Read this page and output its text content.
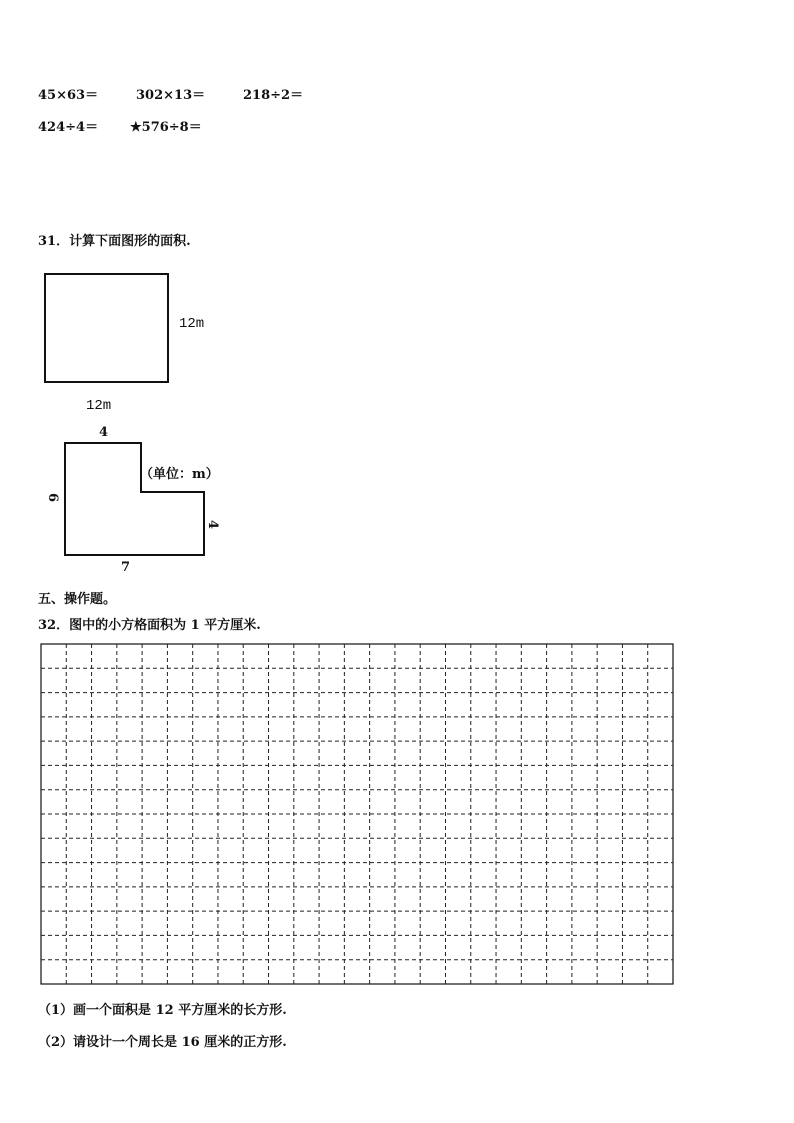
45×63＝	302×13＝	218÷2＝
424÷4＝ ★576÷8＝
31．计算下面图形的面积.
12m
12m
4
6
4
7
（单位：m）
五、操作题。
32．图中的小方格面积为 1 平方厘米.
（1）画一个面积是 12 平方厘米的长方形.
（2）请设计一个周长是 16 厘米的正方形.
